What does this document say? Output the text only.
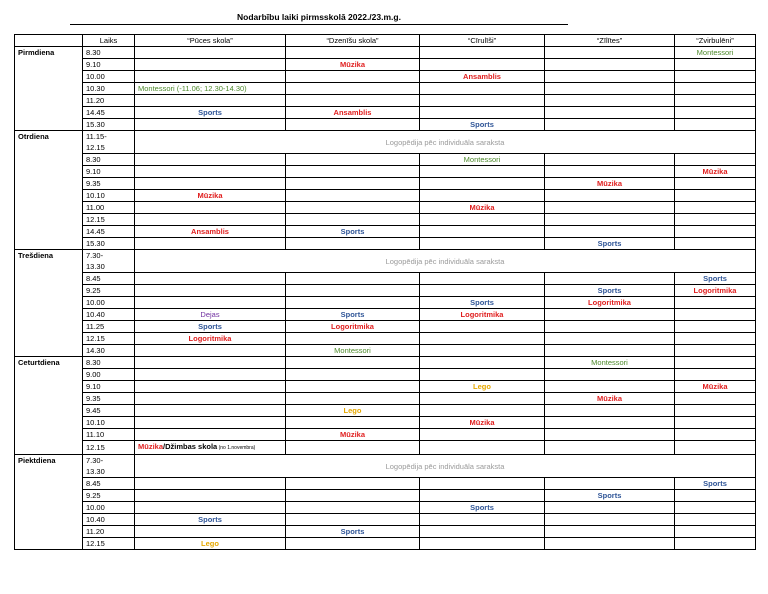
Nodarbību laiki pirmsskolā 2022./23.m.g.
	Laiks	“Pūces skola”	“Dzenīšu skola”	“Cīrulīši”	“Zīlītes”	“Zvirbulēni”
Pirmdiena	8.30					Montessori
	9.10		Mūzika			
	10.00			Ansamblis		
	10.30	Montessori (-11.06; 12.30-14.30)				
	11.20					
	14.45	Sports	Ansamblis			
	15.30			Sports		
Otrdiena	11.15-
12.15	Logopēdija pēc individuāla saraksta				
	8.30			Montessori		
	9.10					Mūzika
	9.35				Mūzika	
	10.10	Mūzika				
	11.00			Mūzika		
	12.15					
	14.45	Ansamblis	Sports			
	15.30				Sports	
Trešdiena	7.30-
13.30	Logopēdija pēc individuāla saraksta				
	8.45					Sports
	9.25				Sports	Logoritmika
	10.00			Sports	Logoritmika	
	10.40	Dejas	Sports	Logoritmika		
	11.25	Sports	Logoritmika			
	12.15	Logoritmika				
	14.30		Montessori			
Ceturtdiena	8.30				Montessori	
	9.00					
	9.10			Lego		Mūzika
	9.35				Mūzika	
	9.45		Lego			
	10.10			Mūzika		
	11.10		Mūzika			
	12.15	Mūzika/Džimbas skola (no 1.novembra)				
Piektdiena	7.30-
13.30	Logopēdija pēc individuāla saraksta				
	8.45					Sports
	9.25				Sports	
	10.00			Sports		
	10.40	Sports				
	11.20		Sports			
	12.15	Lego				
